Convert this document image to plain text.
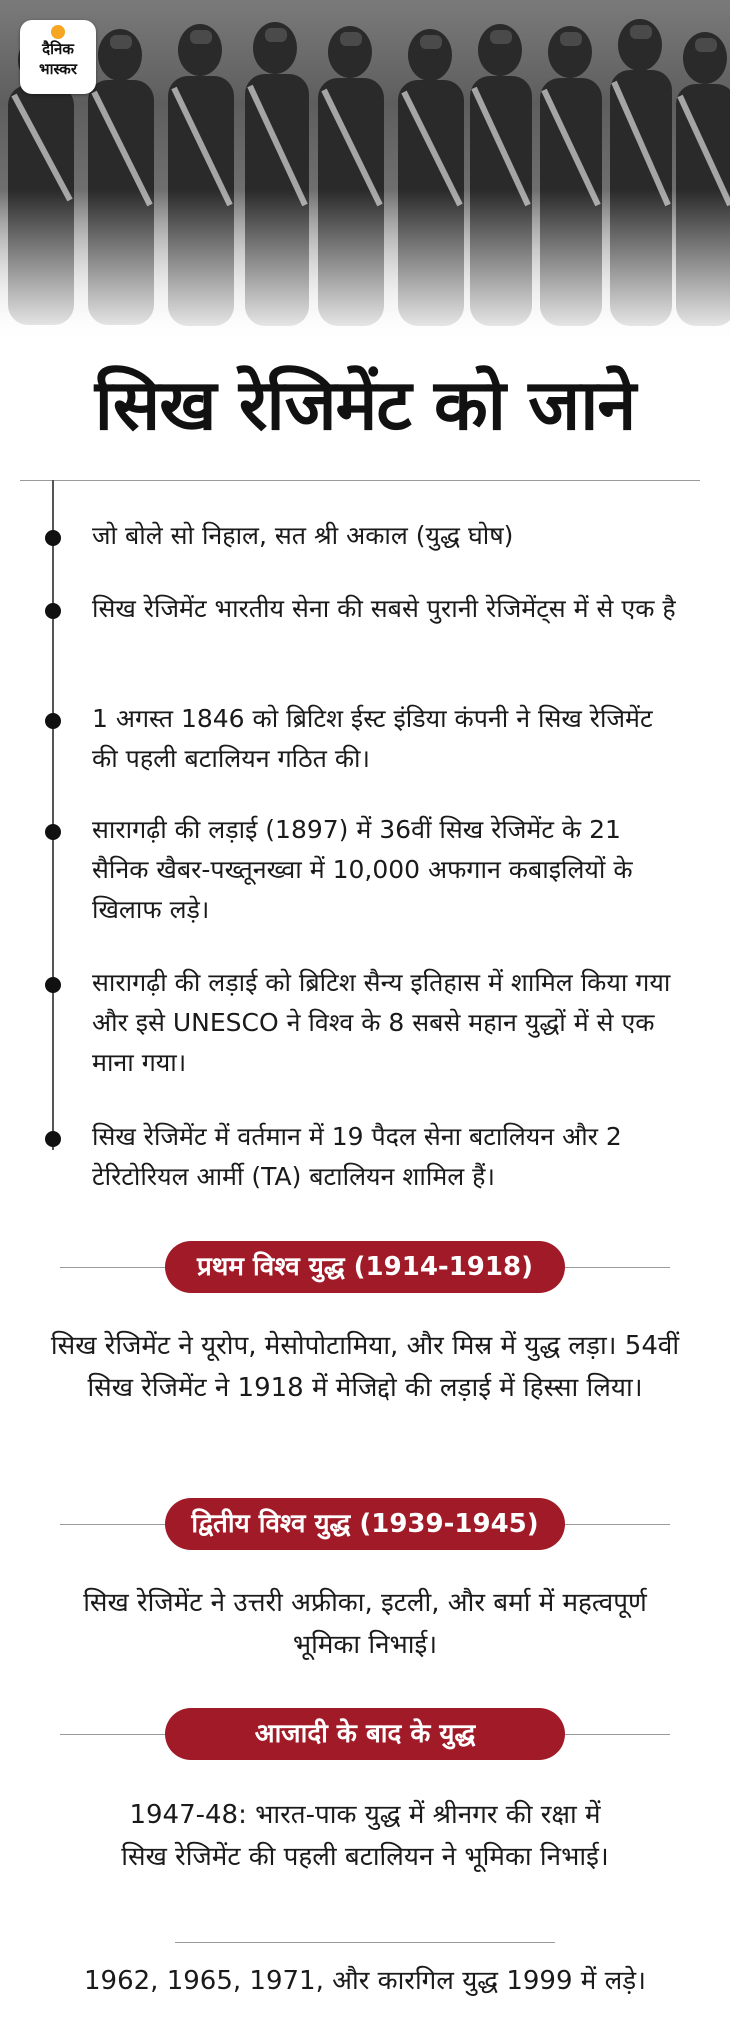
दैनिक
भास्कर
सिख रेजिमेंट को जाने
जो बोले सो निहाल, सत श्री अकाल (युद्ध घोष)
सिख रेजिमेंट भारतीय सेना की सबसे पुरानी रेजिमेंट्स में से एक है
1 अगस्त 1846 को ब्रिटिश ईस्ट इंडिया कंपनी ने सिख रेजिमेंट की पहली बटालियन गठित की।
सारागढ़ी की लड़ाई (1897) में 36वीं सिख रेजिमेंट के 21 सैनिक खैबर-पख्तूनख्वा में 10,000 अफगान कबाइलियों के खिलाफ लड़े।
सारागढ़ी की लड़ाई को ब्रिटिश सैन्य इतिहास में शामिल किया गया और इसे UNESCO ने विश्व के 8 सबसे महान युद्धों में से एक माना गया।
सिख रेजिमेंट में वर्तमान में 19 पैदल सेना बटालियन और 2 टेरिटोरियल आर्मी (TA) बटालियन शामिल हैं।
प्रथम विश्व युद्ध (1914-1918)
सिख रेजिमेंट ने यूरोप, मेसोपोटामिया, और मिस्र में युद्ध लड़ा। 54वीं सिख रेजिमेंट ने 1918 में मेजिद्दो की लड़ाई में हिस्सा लिया।
द्वितीय विश्व युद्ध (1939-1945)
सिख रेजिमेंट ने उत्तरी अफ्रीका, इटली, और बर्मा में महत्वपूर्ण भूमिका निभाई।
आजादी के बाद के युद्ध
1947-48: भारत-पाक युद्ध में श्रीनगर की रक्षा में सिख रेजिमेंट की पहली बटालियन ने भूमिका निभाई।
1962, 1965, 1971, और कारगिल युद्ध 1999 में लड़े।
